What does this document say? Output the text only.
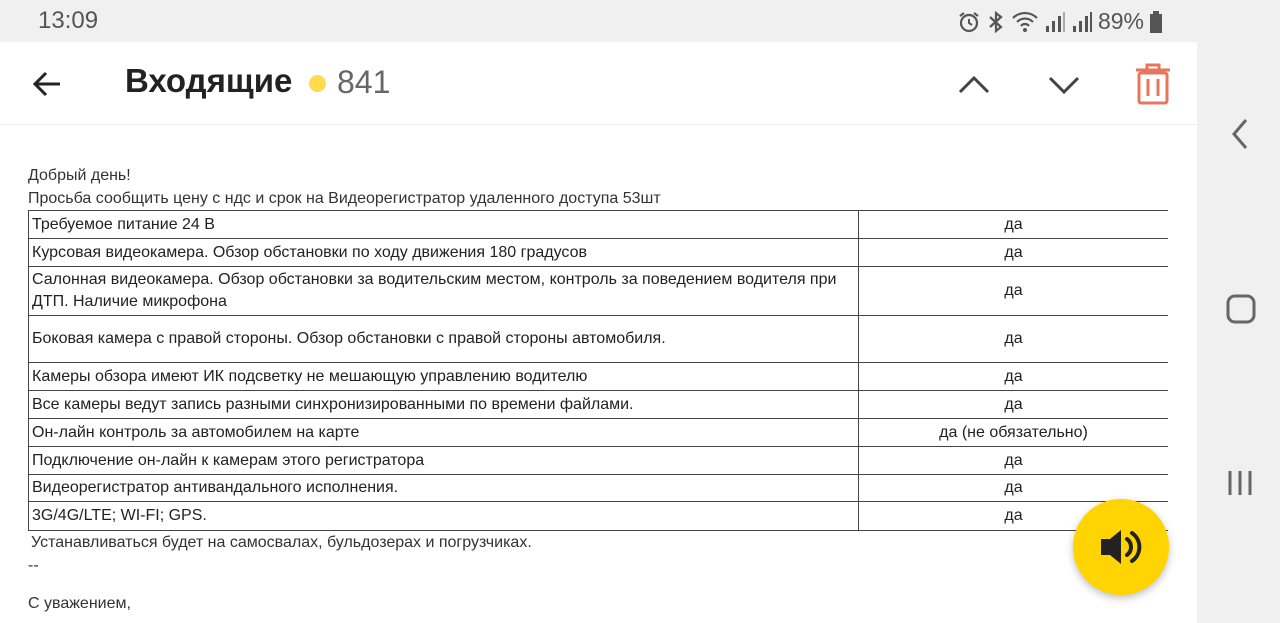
13:09	89%
Входящие 841
Добрый день!
Просьба сообщить цену с ндс и срок на Видеорегистратор удаленного доступа 53шт
Требуемое питание 24 В	да
Курсовая видеокамера. Обзор обстановки по ходу движения 180 градусов	да
Салонная видеокамера. Обзор обстановки за водительским местом, контроль за поведением водителя при ДТП. Наличие микрофона	да
Боковая камера с правой стороны. Обзор обстановки с правой стороны автомобиля.	да
Камеры обзора имеют ИК подсветку не мешающую управлению водителю	да
Все камеры ведут запись разными синхронизированными по времени файлами.	да
Он-лайн контроль за автомобилем на карте	да (не обязательно)
Подключение он-лайн к камерам этого регистратора	да
Видеорегистратор антивандального исполнения.	да
3G/4G/LTE; WI-FI; GPS.	да
Устанавливаться будет на самосвалах, бульдозерах и погрузчиках.
--
С уважением,
